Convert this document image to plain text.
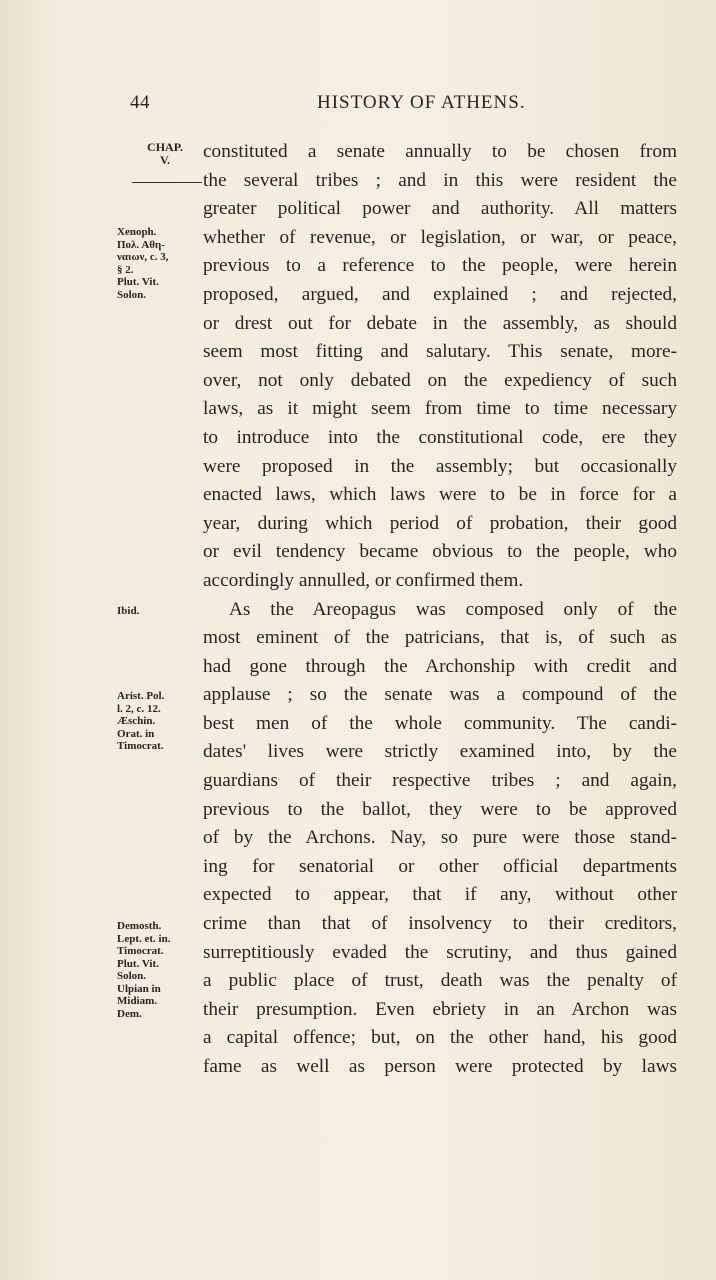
44	HISTORY OF ATHENS.
CHAP.
V.
Xenoph.
Πολ. Αθη-
ναιων, c. 3,
§ 2.
Plut. Vit.
Solon.
Ibid.
Arist. Pol.
l. 2, c. 12.
Æschin.
Orat. in
Timocrat.
Demosth.
Lept. et. in.
Timocrat.
Plut. Vit.
Solon.
Ulpian in
Midiam.
Dem.
constituted a senate annually to be chosen from
the several tribes ; and in this were resident the
greater political power and authority. All matters
whether of revenue, or legislation, or war, or peace,
previous to a reference to the people, were herein
proposed, argued, and explained ; and rejected,
or drest out for debate in the assembly, as should
seem most fitting and salutary. This senate, more-
over, not only debated on the expediency of such
laws, as it might seem from time to time necessary
to introduce into the constitutional code, ere they
were proposed in the assembly; but occasionally
enacted laws, which laws were to be in force for a
year, during which period of probation, their good
or evil tendency became obvious to the people, who
accordingly annulled, or confirmed them.
As the Areopagus was composed only of the
most eminent of the patricians, that is, of such as
had gone through the Archonship with credit and
applause ; so the senate was a compound of the
best men of the whole community. The candi-
dates' lives were strictly examined into, by the
guardians of their respective tribes ; and again,
previous to the ballot, they were to be approved
of by the Archons. Nay, so pure were those stand-
ing for senatorial or other official departments
expected to appear, that if any, without other
crime than that of insolvency to their creditors,
surreptitiously evaded the scrutiny, and thus gained
a public place of trust, death was the penalty of
their presumption. Even ebriety in an Archon was
a capital offence; but, on the other hand, his good
fame as well as person were protected by laws
